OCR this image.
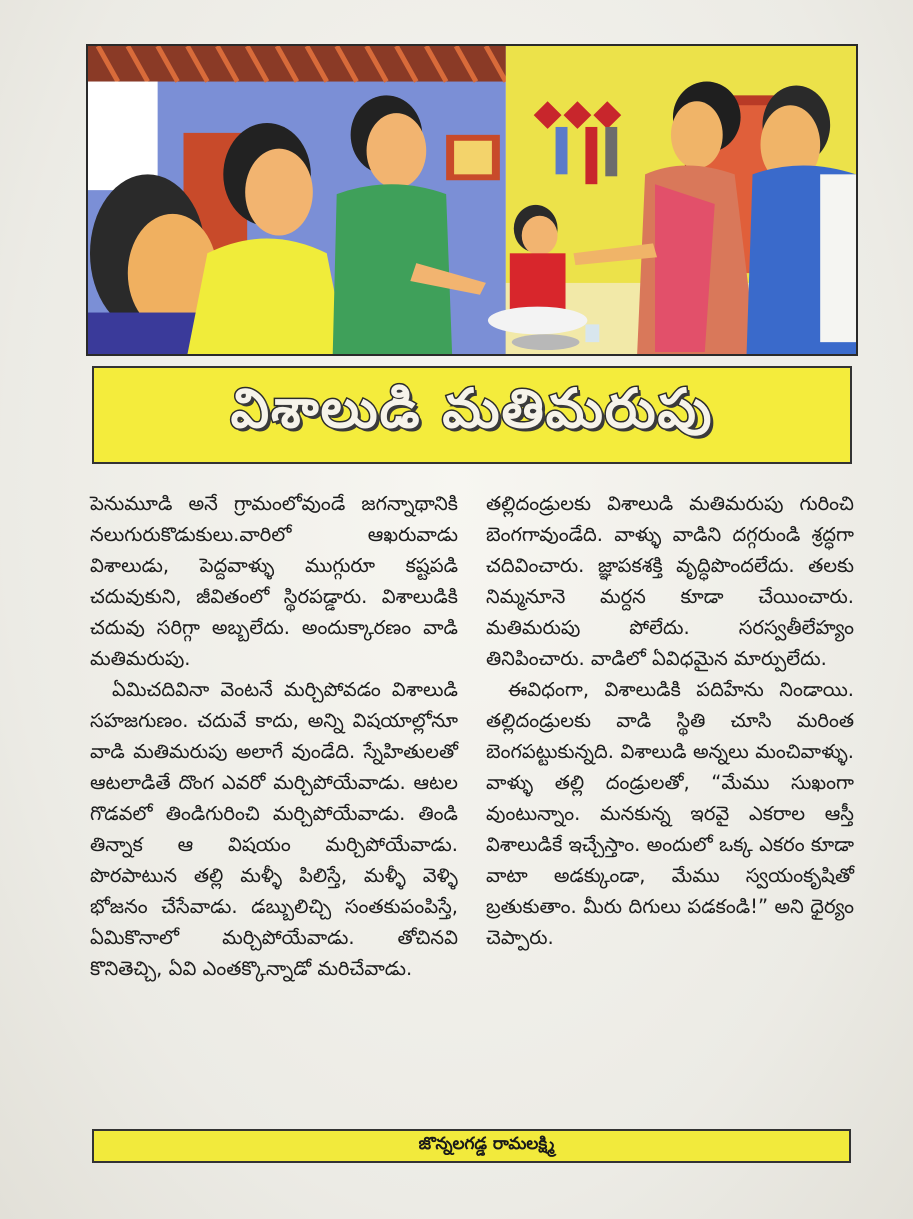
విశాలుడి మతిమరుపు

పెనుమూడి అనే గ్రామంలోవుండే జగన్నాథానికి నలుగురుకొడుకులు.వారిలో ఆఖరువాడు విశాలుడు, పెద్దవాళ్ళు ముగ్గురూ కష్టపడి చదువుకుని, జీవితంలో స్థిరపడ్డారు. విశాలుడికి చదువు సరిగ్గా అబ్బలేదు. అందుక్కారణం వాడి మతిమరుపు.

ఏమిచదివినా వెంటనే మర్చిపోవడం విశాలుడి సహజగుణం. చదువే కాదు, అన్ని విషయాల్లోనూ వాడి మతిమరుపు అలాగే వుండేది. స్నేహితులతో ఆటలాడితే దొంగ ఎవరో మర్చిపోయేవాడు. ఆటల గొడవలో తిండిగురించి మర్చిపోయేవాడు. తిండి తిన్నాక ఆ విషయం మర్చిపోయేవాడు. పొరపాటున తల్లి మళ్ళీ పిలిస్తే, మళ్ళీ వెళ్ళి భోజనం చేసేవాడు. డబ్బులిచ్చి సంతకుపంపిస్తే, ఏమికొనాలో మర్చిపోయేవాడు. తోచినవి కొనితెచ్చి, ఏవి ఎంతక్కొన్నాడో మరిచేవాడు.

తల్లిదండ్రులకు విశాలుడి మతిమరుపు గురించి బెంగగావుండేది. వాళ్ళు వాడిని దగ్గరుండి శ్రద్ధగా చదివించారు. జ్ఞాపకశక్తి వృద్ధిపొందలేదు. తలకు నిమ్మనూనె మర్దన కూడా చేయించారు. మతిమరుపు పోలేదు. సరస్వతీలేహ్యం తినిపించారు. వాడిలో ఏవిధమైన మార్పులేదు.

ఈవిధంగా, విశాలుడికి పదిహేను నిండాయి. తల్లిదండ్రులకు వాడి స్థితి చూసి మరింత బెంగపట్టుకున్నది. విశాలుడి అన్నలు మంచివాళ్ళు. వాళ్ళు తల్లి దండ్రులతో, “మేము సుఖంగా వుంటున్నాం. మనకున్న ఇరవై ఎకరాల ఆస్తీ విశాలుడికే ఇచ్చేస్తాం. అందులో ఒక్క ఎకరం కూడా వాటా అడక్కుండా, మేము స్వయంకృషితో బ్రతుకుతాం. మీరు దిగులు పడకండి!” అని ధైర్యం చెప్పారు.

జొన్నలగడ్డ రామలక్ష్మి
